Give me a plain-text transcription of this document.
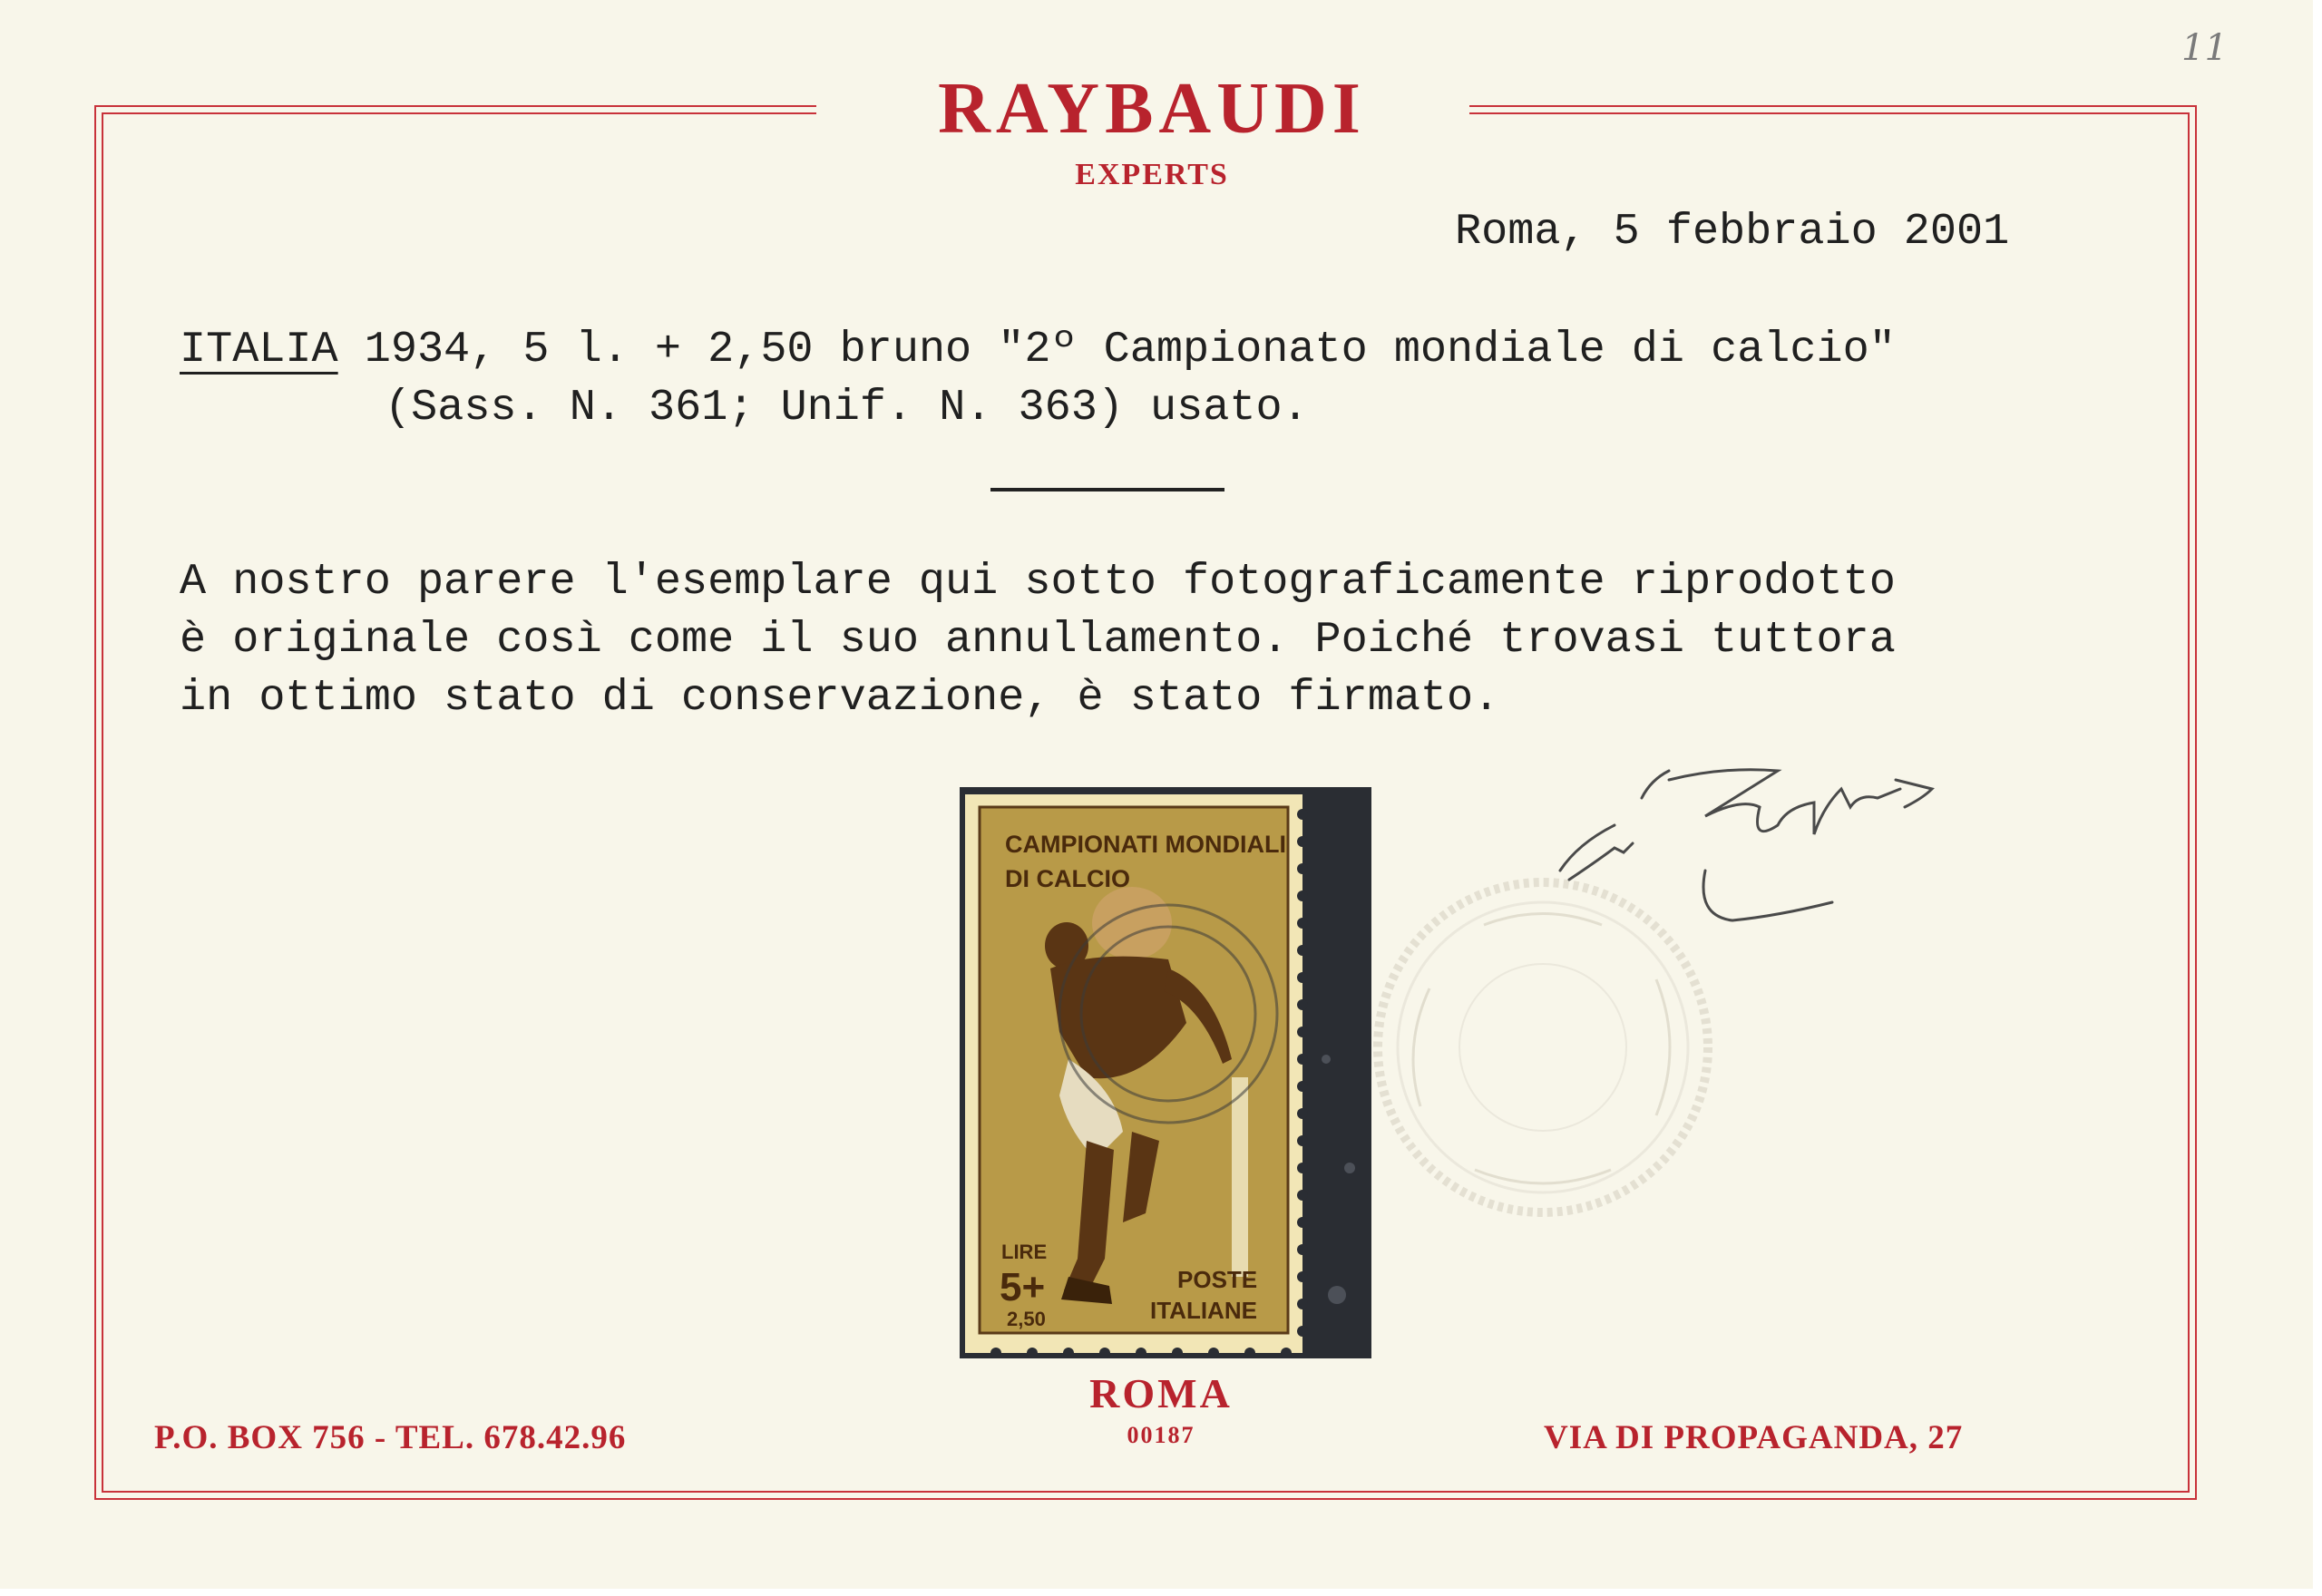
RAYBAUDI
EXPERTS
11
Roma, 5 febbraio 2001
ITALIA 1934, 5 l. + 2,50 bruno "2º Campionato mondiale di calcio"
(Sass. N. 361; Unif. N. 363) usato.
A nostro parere l'esemplare qui sotto fotograficamente riprodotto
è originale così come il suo annullamento. Poiché trovasi tuttora
in ottimo stato di conservazione, è stato firmato.
CAMPIONATI MONDIALI
DI CALCIO
LIRE
5+
2,50
POSTE
ITALIANE
P.O. BOX 756 - TEL. 678.42.96
ROMA
00187	VIA DI PROPAGANDA, 27
